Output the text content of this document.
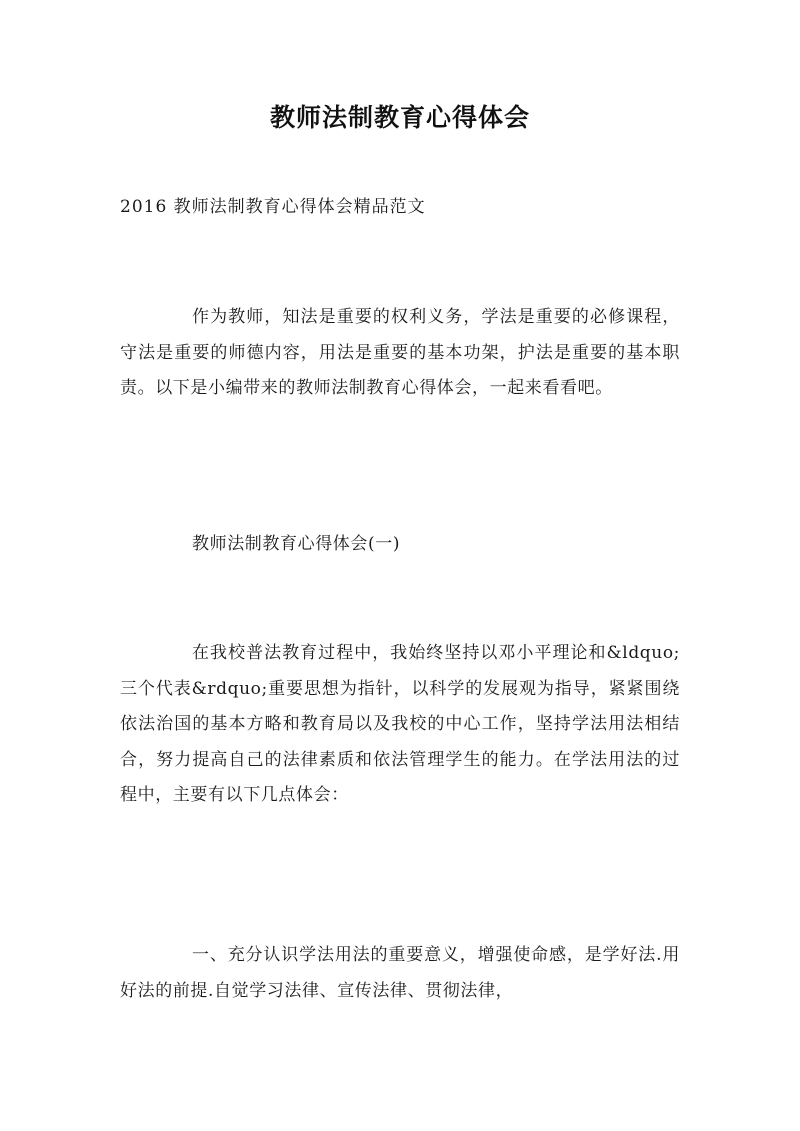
教师法制教育心得体会
2016 教师法制教育心得体会精品范文
作为教师，知法是重要的权利义务，学法是重要的必修课程，守法是重要的师德内容，用法是重要的基本功架，护法是重要的基本职责。以下是小编带来的教师法制教育心得体会，一起来看看吧。
教师法制教育心得体会(一)
在我校普法教育过程中，我始终坚持以邓小平理论和&ldquo;三个代表&rdquo;重要思想为指针，以科学的发展观为指导，紧紧围绕依法治国的基本方略和教育局以及我校的中心工作，坚持学法用法相结合，努力提高自己的法律素质和依法管理学生的能力。在学法用法的过程中，主要有以下几点体会：
一、充分认识学法用法的重要意义，增强使命感，是学好法.用好法的前提.自觉学习法律、宣传法律、贯彻法律，
